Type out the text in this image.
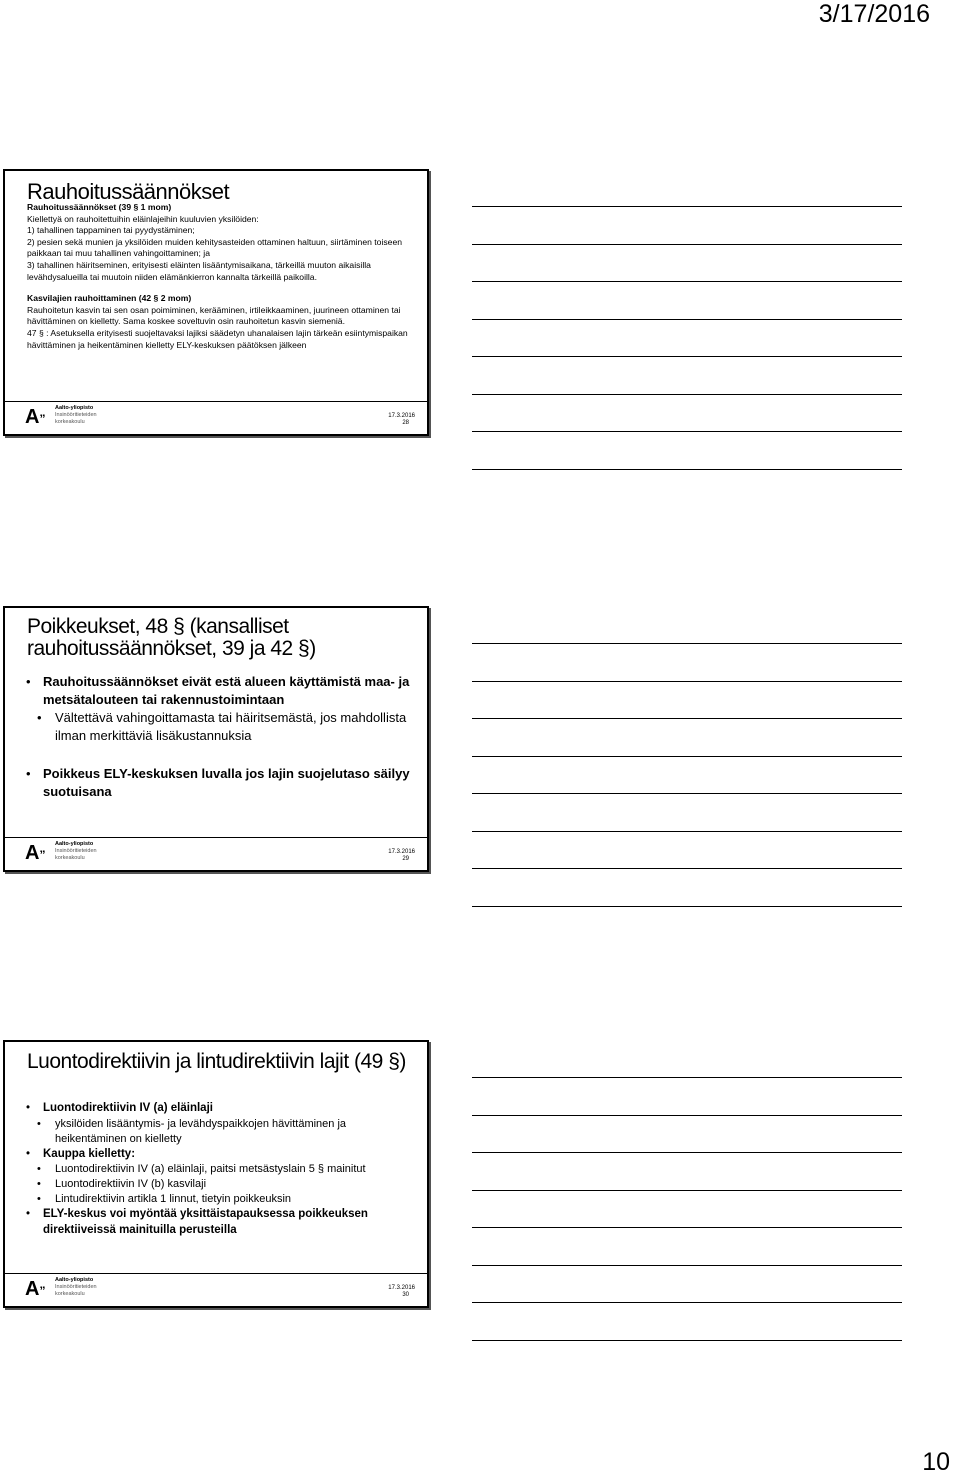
3/17/2016
Rauhoitussäännökset

Rauhoitussäännökset (39 § 1 mom)

Kiellettyä on rauhoitettuihin eläinlajeihin kuuluvien yksilöiden:

1) tahallinen tappaminen tai pyydystäminen;

2) pesien sekä munien ja yksilöiden muiden kehitysasteiden ottaminen haltuun, siirtäminen toiseen paikkaan tai muu tahallinen vahingoittaminen; ja

3) tahallinen häiritseminen, erityisesti eläinten lisääntymisaikana, tärkeillä muuton aikaisilla levähdysalueilla tai muutoin niiden elämänkierron kannalta tärkeillä paikoilla.

Kasvilajien rauhoittaminen (42 § 2 mom)

Rauhoitetun kasvin tai sen osan poimiminen, kerääminen, irtileikkaaminen, juurineen ottaminen tai hävittäminen on kielletty. Sama koskee soveltuvin osin rauhoitetun kasvin siemeniä.

47 § : Asetuksella erityisesti suojeltavaksi lajiksi säädetyn uhanalaisen lajin tärkeän esiintymispaikan hävittäminen ja heikentäminen kielletty ELY-keskuksen päätöksen jälkeen

A”
Aalto-yliopisto
Insinööritieteiden
korkeakoulu
17.3.2016
28
Poikkeukset, 48 § (kansalliset rauhoitussäännökset, 39 ja 42 §)
• Rauhoitussäännökset eivät estä alueen käyttämistä maa- ja metsätalouteen tai rakennustoimintaan
• Vältettävä vahingoittamasta tai häiritsemästä, jos mahdollista ilman merkittäviä lisäkustannuksia
• Poikkeus ELY-keskuksen luvalla jos lajin suojelutaso säilyy suotuisana
A”
Aalto-yliopisto
Insinööritieteiden
korkeakoulu
17.3.2016
29
Luontodirektiivin ja lintudirektiivin lajit (49 §)
• Luontodirektiivin IV (a) eläinlaji
• yksilöiden lisääntymis- ja levähdyspaikkojen hävittäminen ja heikentäminen on kielletty
• Kauppa kielletty:
• Luontodirektiivin IV (a) eläinlaji, paitsi metsästyslain 5 § mainitut
• Luontodirektiivin IV (b) kasvilaji
• Lintudirektiivin artikla 1 linnut, tietyin poikkeuksin
• ELY-keskus voi myöntää yksittäistapauksessa poikkeuksen direktiiveissä mainituilla perusteilla
A”
Aalto-yliopisto
Insinööritieteiden
korkeakoulu
17.3.2016
30
10
